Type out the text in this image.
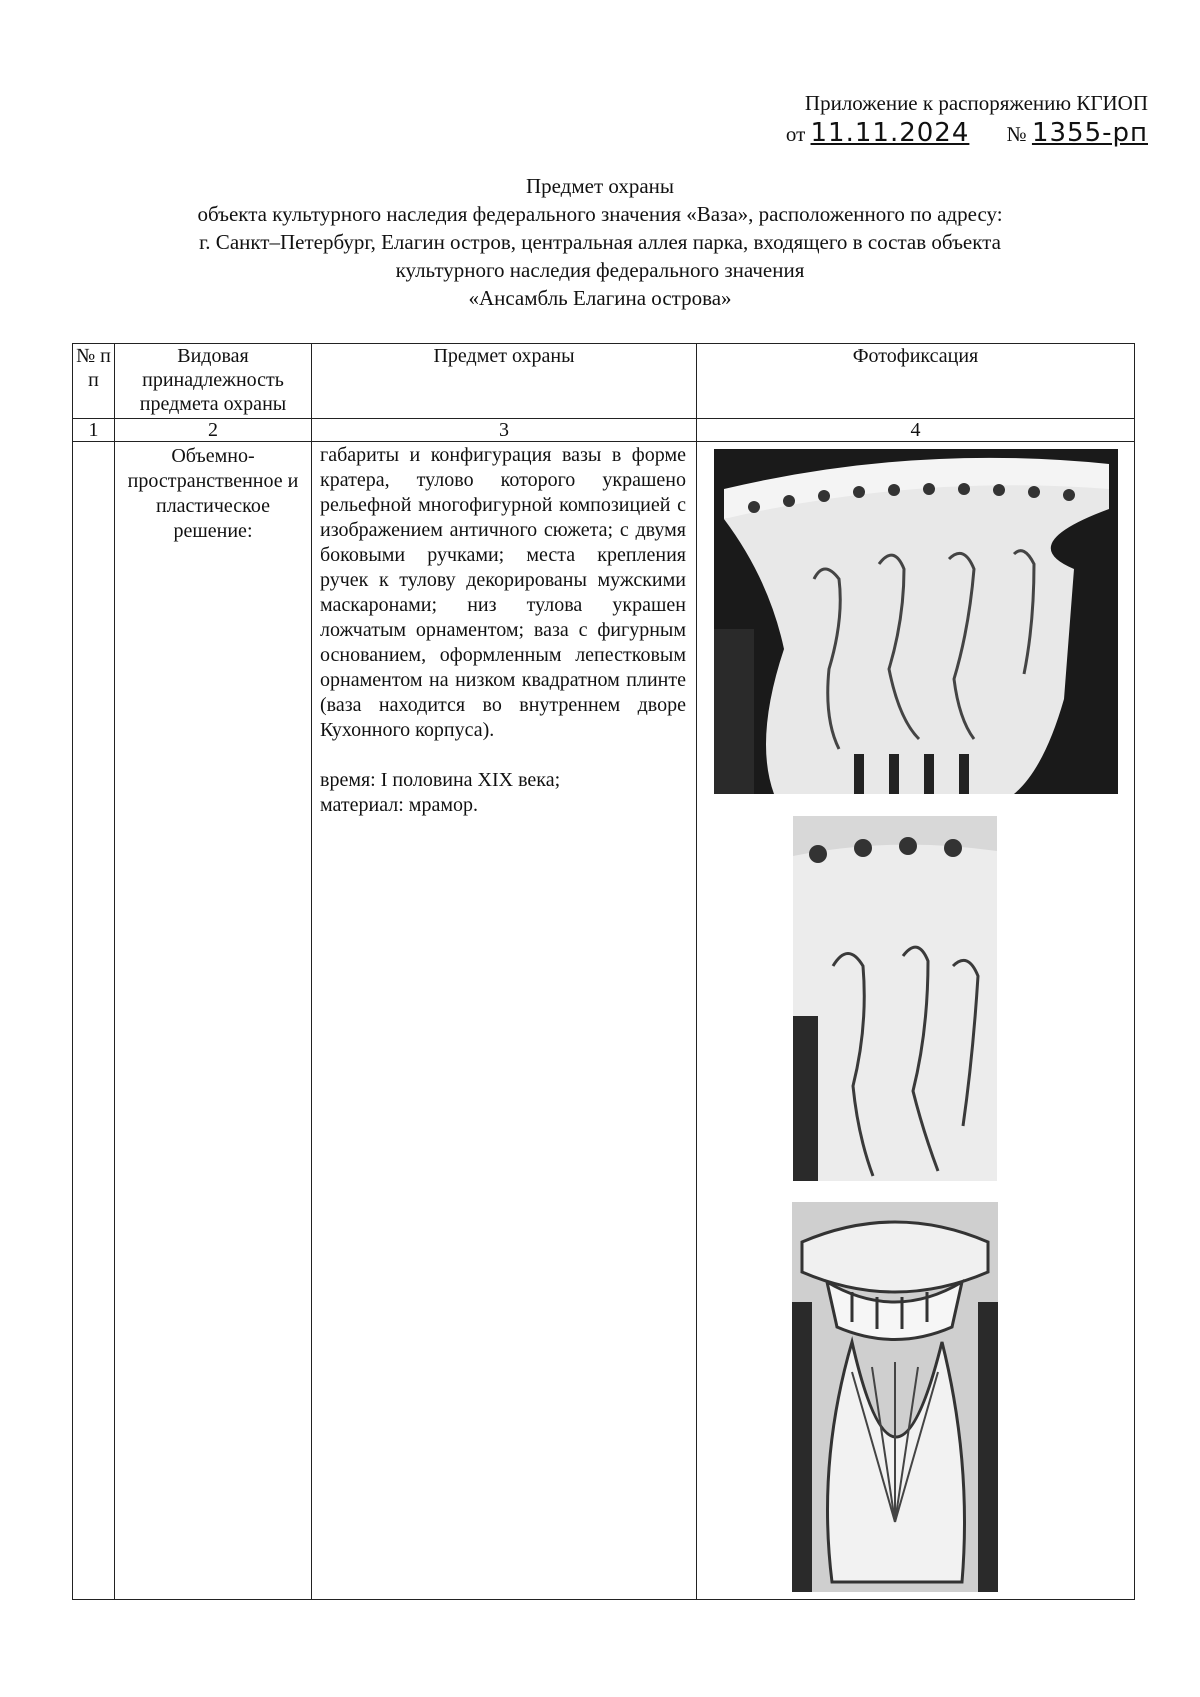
Приложение к распоряжению КГИОП
от 11.11.2024 № 1355-рп
Предмет охраны
объекта культурного наследия федерального значения «Ваза», расположенного по адресу:
г. Санкт–Петербург, Елагин остров, центральная аллея парка, входящего в состав объекта
культурного наследия федерального значения
«Ансамбль Елагина острова»
№ п п	Видовая принадлежность предмета охраны	Предмет охраны	Фотофиксация
1	2	3	4
	Объемно-пространственное и пластическое решение:	габариты и конфигурация вазы в форме кратера, тулово которого украшено рельефной многофигурной композицией с изображением античного сюжета; с двумя боковыми ручками; места крепления ручек к тулову декорированы мужскими маскаронами; низ тулова украшен ложчатым орнаментом; ваза с фигурным основанием, оформленным лепестковым орнаментом на низком квадратном плинте (ваза находится во внутреннем дворе Кухонного корпуса).

время: I половина XIX века;

материал: мрамор.
